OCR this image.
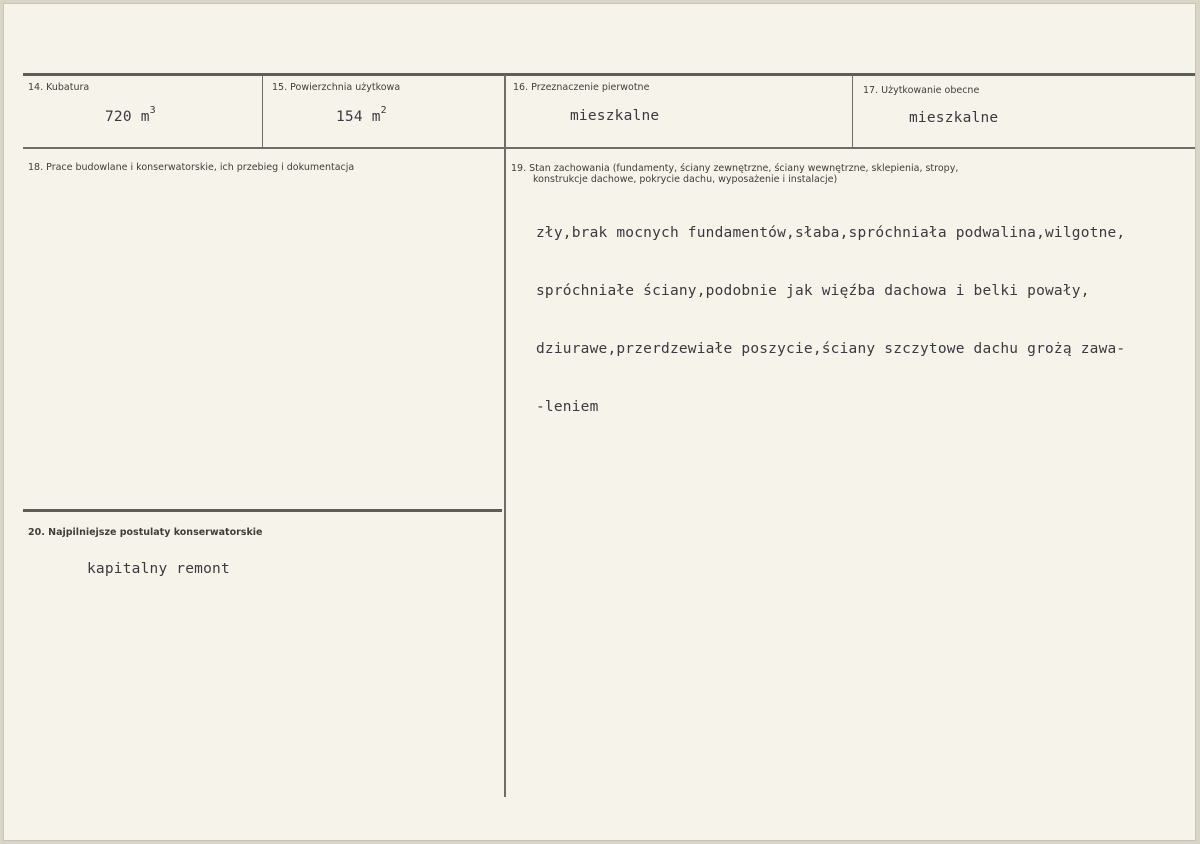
14. Kubatura
720 $m^3$
15. Powierzchnia użytkowa
154 $m^2$
16. Przeznaczenie pierwotne
mieszkalne
17. Użytkowanie obecne
mieszkalne
18. Prace budowlane i konserwatorskie, ich przebieg i dokumentacja	19. Stan zachowania (fundamenty, ściany zewnętrzne, ściany wewnętrzne, sklepienia, stropy,
konstrukcje dachowe, pokrycie dachu, wyposażenie i instalacje)

zły,brak mocnych fundamentów,słaba,spróchniała podwalina,wilgotne,

spróchniałe ściany,podobnie jak więźba dachowa i belki powały,

dziurawe,przerdzewiałe poszycie,ściany szczytowe dachu grożą zawa-

-leniem

20. Najpilniejsze postulaty konserwatorskie
kapitalny remont
